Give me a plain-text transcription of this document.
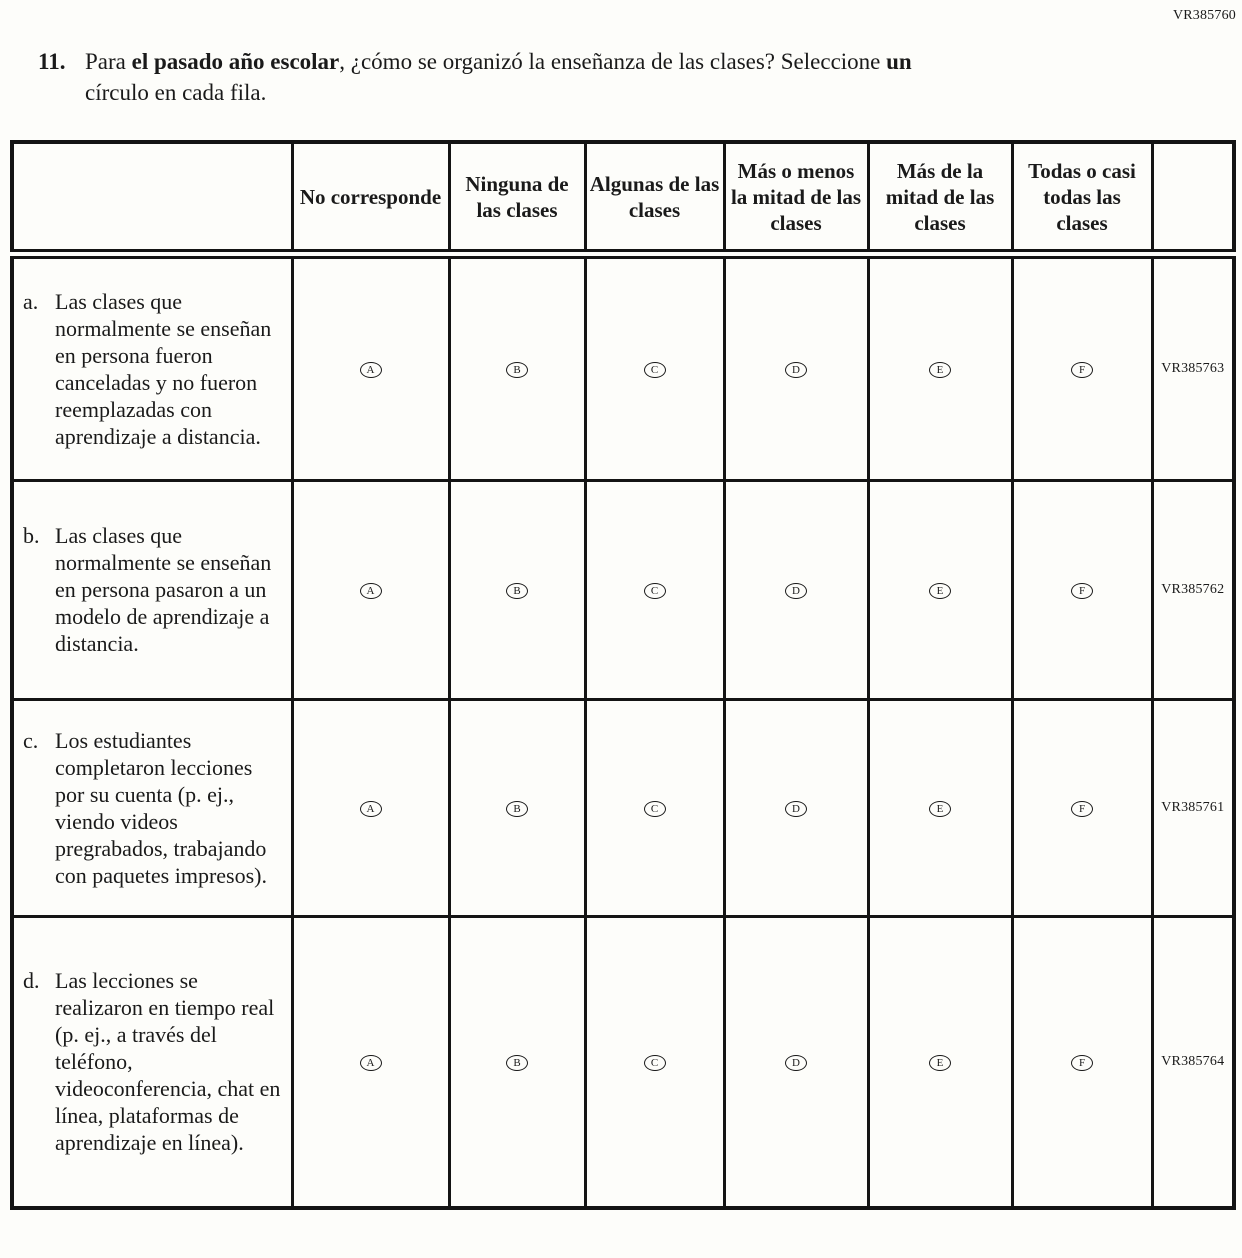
VR385760
11. Para el pasado año escolar, ¿cómo se organizó la enseñanza de las clases? Seleccione un
círculo en cada fila.
	No corresponde	Ninguna de las clases	Algunas de las clases	Más o menos la mitad de las clases	Más de la mitad de las clases	Todas o casi todas las clases	

a. Las clases que normalmente se enseñan en persona fueron canceladas y no fueron reemplazadas con aprendizaje a distancia.	A	B	C	D	E	F	VR385763

b. Las clases que normalmente se enseñan en persona pasaron a un modelo de aprendizaje a distancia.	A	B	C	D	E	F	VR385762

c. Los estudiantes completaron lecciones por su cuenta (p. ej., viendo videos pregrabados, trabajando con paquetes impresos).	A	B	C	D	E	F	VR385761

d. Las lecciones se realizaron en tiempo real (p. ej., a través del teléfono, videoconferencia, chat en línea, plataformas de aprendizaje en línea).	A	B	C	D	E	F	VR385764
